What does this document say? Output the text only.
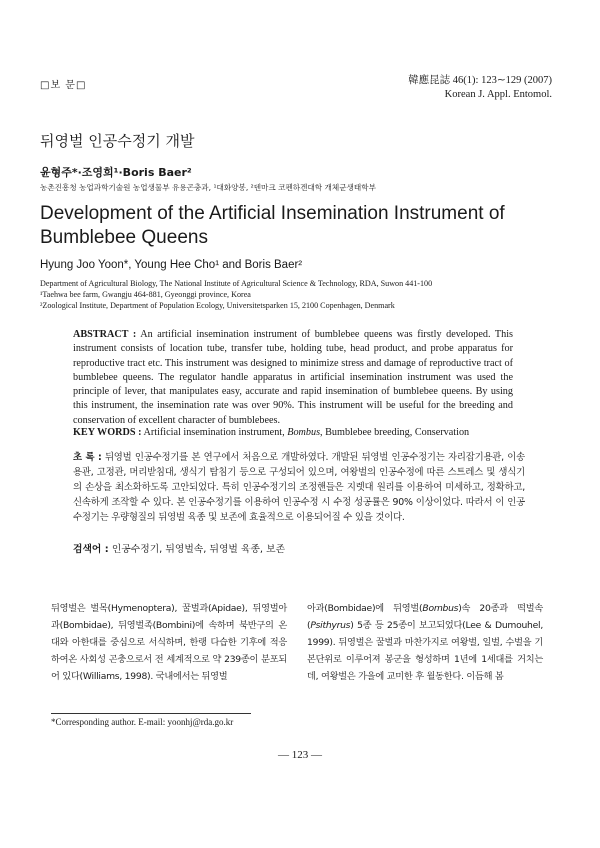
□보 문□	韓應昆誌 46(1): 123∼129 (2007)
Korean J. Appl. Entomol.
뒤영벌 인공수정기 개발
윤형주*·조영희¹·Boris Baer²
농촌진흥청 농업과학기술원 농업생물부 유용곤충과, ¹대화양봉, ²덴마크 코펜하겐대학 개체군생태학부
Development of the Artificial Insemination Instrument of Bumblebee Queens
Hyung Joo Yoon*, Young Hee Cho¹ and Boris Baer²
Department of Agricultural Biology, The National Institute of Agricultural Science & Technology, RDA, Suwon 441-100
¹Taehwa bee farm, Gwangju 464-881, Gyeonggi province, Korea
²Zoological Institute, Department of Population Ecology, Universitetsparken 15, 2100 Copenhagen, Denmark
ABSTRACT : An artificial insemination instrument of bumblebee queens was firstly developed. This instrument consists of location tube, transfer tube, holding tube, head product, and probe apparatus for reproductive tract etc. This instrument was designed to minimize stress and damage of reproductive tract of bumblebee queens. The regulator handle apparatus in artificial insemination instrument was used the principle of lever, that manipulates easy, accurate and rapid insemination of bumblebee queens. By using this instrument, the insemination rate was over 90%. This instrument will be useful for the breeding and conservation of excellent character of bumblebees.
KEY WORDS : Artificial insemination instrument, Bombus, Bumblebee breeding, Conservation
초 록 : 뒤영벌 인공수정기를 본 연구에서 처음으로 개발하였다. 개발된 뒤영벌 인공수정기는 자리잡기용관, 이송용관, 고정관, 머리받침대, 생식기 탐침기 등으로 구성되어 있으며, 여왕벌의 인공수정에 따른 스트레스 및 생식기의 손상을 최소화하도록 고안되었다. 특히 인공수정기의 조정핸들은 지렛대 원리를 이용하여 미세하고, 정확하고, 신속하게 조작할 수 있다. 본 인공수정기를 이용하여 인공수정 시 수정 성공률은 90% 이상이었다. 따라서 이 인공수정기는 우량형질의 뒤영벌 육종 및 보존에 효율적으로 이용되어질 수 있을 것이다.
검색어 : 인공수정기, 뒤영벌속, 뒤영벌 육종, 보존
뒤영벌은 벌목(Hymenoptera), 꿀벌과(Apidae), 뒤영벌아과(Bombidae), 뒤영벌족(Bombini)에 속하며 북반구의 온대와 아한대를 중심으로 서식하며, 한랭 다습한 기후에 적응하여온 사회성 곤충으로서 전 세계적으로 약 239종이 분포되어 있다(Williams, 1998). 국내에서는 뒤영벌
아과(Bombidae)에 뒤영벌(Bombus)속 20종과 떡벌속(Psithyrus) 5종 등 25종이 보고되었다(Lee & Dumouhel, 1999). 뒤영벌은 꿀벌과 마찬가지로 여왕벌, 일벌, 수벌을 기본단위로 이루어져 봉군을 형성하며 1년에 1세대를 거치는데, 여왕벌은 가을에 교미한 후 월동한다. 이듬해 봄
*Corresponding author. E-mail: yoonhj@rda.go.kr
— 123 —
